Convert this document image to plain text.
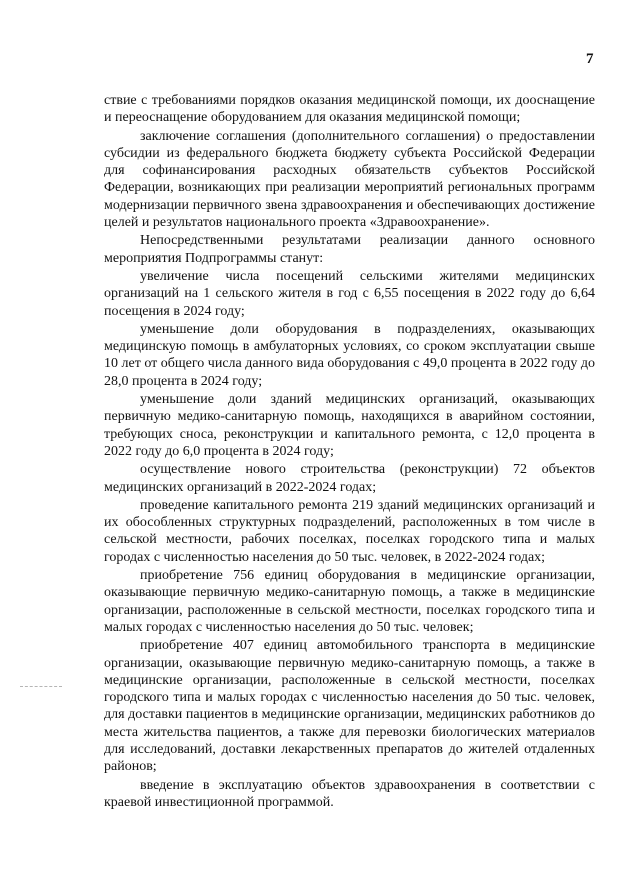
7

ствие с требованиями порядков оказания медицинской помощи, их дооснащение и переоснащение оборудованием для оказания медицинской помощи;

заключение соглашения (дополнительного соглашения) о предоставлении субсидии из федерального бюджета бюджету субъекта Российской Федерации для софинансирования расходных обязательств субъектов Российской Федерации, возникающих при реализации мероприятий региональных программ модернизации первичного звена здравоохранения и обеспечивающих достижение целей и результатов национального проекта «Здравоохранение».

Непосредственными результатами реализации данного основного мероприятия Подпрограммы станут:

увеличение числа посещений сельскими жителями медицинских организаций на 1 сельского жителя в год с 6,55 посещения в 2022 году до 6,64 посещения в 2024 году;

уменьшение доли оборудования в подразделениях, оказывающих медицинскую помощь в амбулаторных условиях, со сроком эксплуатации свыше 10 лет от общего числа данного вида оборудования с 49,0 процента в 2022 году до 28,0 процента в 2024 году;

уменьшение доли зданий медицинских организаций, оказывающих первичную медико-санитарную помощь, находящихся в аварийном состоянии, требующих сноса, реконструкции и капитального ремонта, с 12,0 процента в 2022 году до 6,0 процента в 2024 году;

осуществление нового строительства (реконструкции) 72 объектов медицинских организаций в 2022-2024 годах;

проведение капитального ремонта 219 зданий медицинских организаций и их обособленных структурных подразделений, расположенных в том числе в сельской местности, рабочих поселках, поселках городского типа и малых городах с численностью населения до 50 тыс. человек, в 2022-2024 годах;

приобретение 756 единиц оборудования в медицинские организации, оказывающие первичную медико-санитарную помощь, а также в медицинские организации, расположенные в сельской местности, поселках городского типа и малых городах с численностью населения до 50 тыс. человек;

приобретение 407 единиц автомобильного транспорта в медицинские организации, оказывающие первичную медико-санитарную помощь, а также в медицинские организации, расположенные в сельской местности, поселках городского типа и малых городах с численностью населения до 50 тыс. человек, для доставки пациентов в медицинские организации, медицинских работников до места жительства пациентов, а также для перевозки биологических материалов для исследований, доставки лекарственных препаратов до жителей отдаленных районов;

введение в эксплуатацию объектов здравоохранения в соответствии с краевой инвестиционной программой.
